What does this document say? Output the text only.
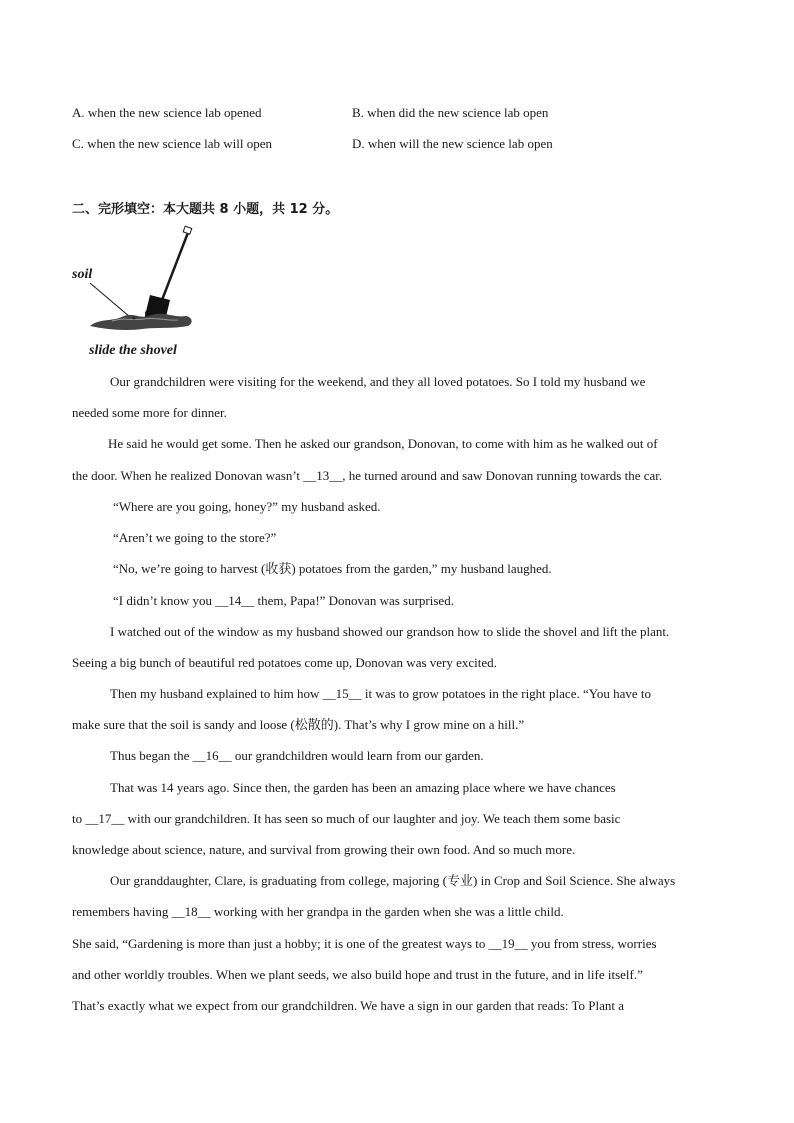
A. when the new science lab opened	B. when did the new science lab open
C. when the new science lab will open	D. when will the new science lab open
二、完形填空：本大题共 8 小题，共 12 分。
soil
slide the shovel
Our grandchildren were visiting for the weekend, and they all loved potatoes. So I told my husband we
needed some more for dinner.
He said he would get some. Then he asked our grandson, Donovan, to come with him as he walked out of
the door. When he realized Donovan wasn’t __13__, he turned around and saw Donovan running towards the car.
“Where are you going, honey?” my husband asked.
“Aren’t we going to the store?”
“No, we’re going to harvest (收获) potatoes from the garden,” my husband laughed.
“I didn’t know you __14__ them, Papa!” Donovan was surprised.
I watched out of the window as my husband showed our grandson how to slide the shovel and lift the plant.
Seeing a big bunch of beautiful red potatoes come up, Donovan was very excited.
Then my husband explained to him how __15__ it was to grow potatoes in the right place. “You have to
make sure that the soil is sandy and loose (松散的). That’s why I grow mine on a hill.”
Thus began the __16__ our grandchildren would learn from our garden.
That was 14 years ago. Since then, the garden has been an amazing place where we have chances
to __17__ with our grandchildren. It has seen so much of our laughter and joy. We teach them some basic
knowledge about science, nature, and survival from growing their own food. And so much more.
Our granddaughter, Clare, is graduating from college, majoring (专业) in Crop and Soil Science. She always
remembers having __18__ working with her grandpa in the garden when she was a little child.
She said, “Gardening is more than just a hobby; it is one of the greatest ways to __19__ you from stress, worries
and other worldly troubles. When we plant seeds, we also build hope and trust in the future, and in life itself.”
That’s exactly what we expect from our grandchildren. We have a sign in our garden that reads: To Plant a
